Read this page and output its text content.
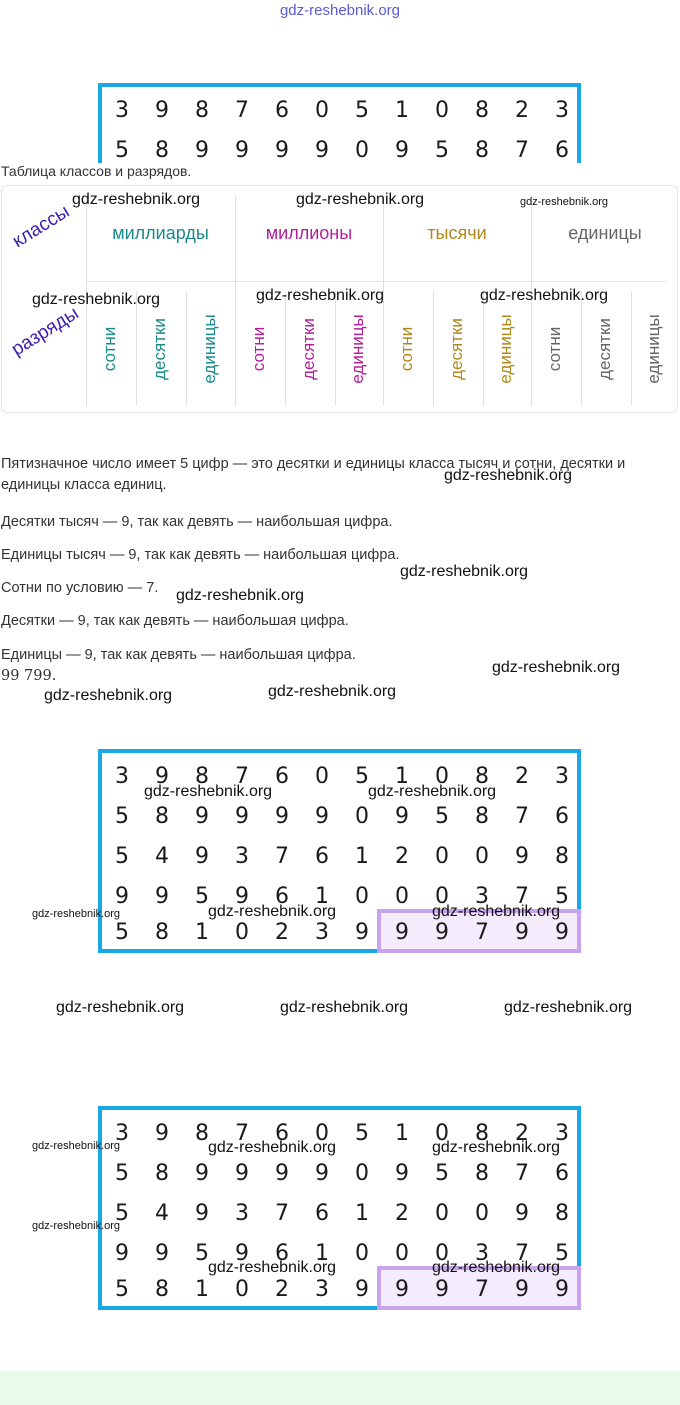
gdz-reshebnik.org
3	9	8	7	6	0	5	1	0	8	2	3
5	8	9	9	9	9	0	9	5	8	7	6
Таблица классов и разрядов.
классы
разряды
миллиарды	миллионы	тысячи	единицы
сотни десятки единицы сотни десятки единицы сотни десятки единицы сотни десятки единицы
Пятизначное число имеет 5 цифр — это десятки и единицы класса тысяч и сотни, десятки и единицы класса единиц.
Десятки тысяч — 9, так как девять — наибольшая цифра.
Единицы тысяч — 9, так как девять — наибольшая цифра.
Сотни по условию — 7.
Десятки — 9, так как девять — наибольшая цифра.
Единицы — 9, так как девять — наибольшая цифра.
99 799.
3	9	8	7	6	0	5	1	0	8	2	3
5	8	9	9	9	9	0	9	5	8	7	6
5	4	9	3	7	6	1	2	0	0	9	8
9	9	5	9	6	1	0	0	0	3	7	5
5	8	1	0	2	3	9	9	9	7	9	9
3	9	8	7	6	0	5	1	0	8	2	3
5	8	9	9	9	9	0	9	5	8	7	6
5	4	9	3	7	6	1	2	0	0	9	8
9	9	5	9	6	1	0	0	0	3	7	5
5	8	1	0	2	3	9	9	9	7	9	9
gdz-reshebnik.org	gdz-reshebnik.org	gdz-reshebnik.org
gdz-reshebnik.org	gdz-reshebnik.org	gdz-reshebnik.org
gdz-reshebnik.org
gdz-reshebnik.org
gdz-reshebnik.org
gdz-reshebnik.org
gdz-reshebnik.org
gdz-reshebnik.org
gdz-reshebnik.org	gdz-reshebnik.org
gdz-reshebnik.org	gdz-reshebnik.org	gdz-reshebnik.org
gdz-reshebnik.org	gdz-reshebnik.org	gdz-reshebnik.org
gdz-reshebnik.org	gdz-reshebnik.org	gdz-reshebnik.org
gdz-reshebnik.org
gdz-reshebnik.org	gdz-reshebnik.org
